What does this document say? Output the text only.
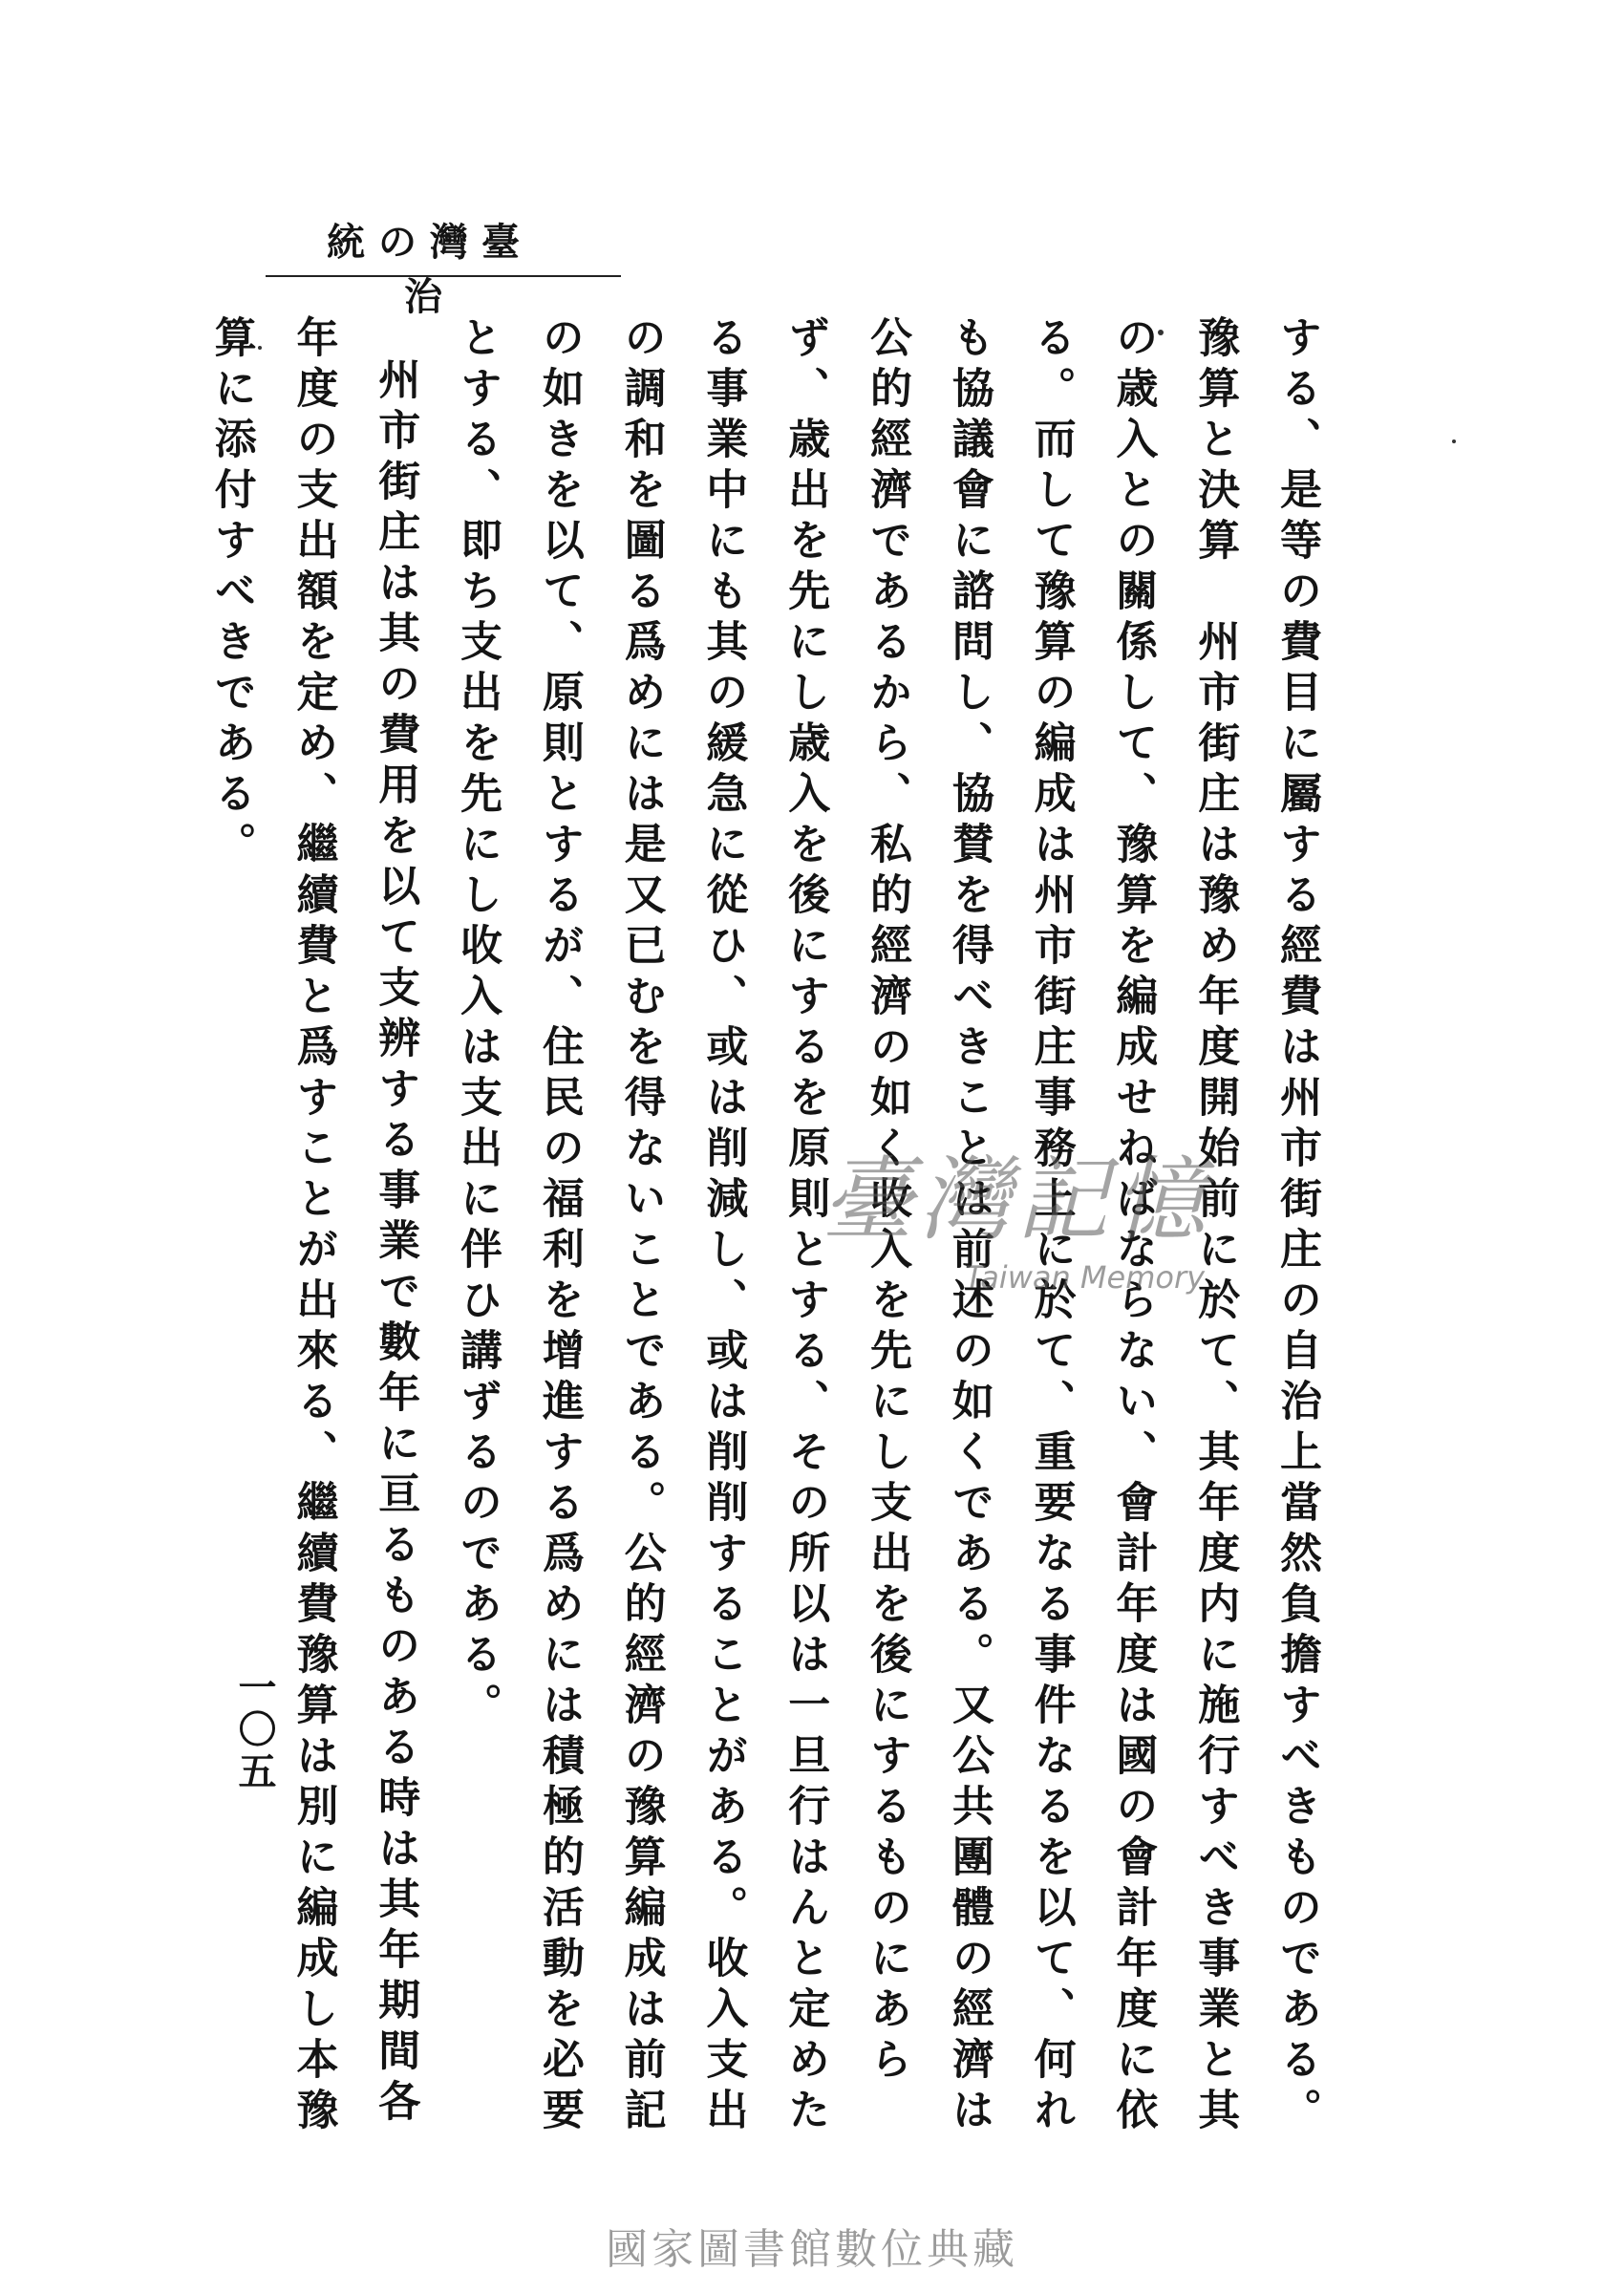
臺灣の統治

する、是等の費目に屬する經費は州市街庄の自治上當然負擔すべきものである。

豫算と決算　州市街庄は豫め年度開始前に於て、其年度内に施行すべき事業と其の歳入との關係して、豫算を編成せねばならない、會計年度は國の會計年度に依る。而して豫算の編成は州市街庄事務上に於て、重要なる事件なるを以て、何れも協議會に諮問し、協賛を得べきことは前述の如くである。又公共團體の經濟は公的經濟であるから、私的經濟の如く收入を先にし支出を後にするものにあらず、歳出を先にし歳入を後にするを原則とする、その所以は一旦行はんと定めたる事業中にも其の緩急に從ひ、或は削減し、或は削削することがある。收入支出の調和を圖る爲めには是又已むを得ないことである。公的經濟の豫算編成は前記の如きを以て、原則とするが、住民の福利を增進する爲めには積極的活動を必要とする、即ち支出を先にし收入は支出に伴ひ講ずるのである。

州市街庄は其の費用を以て支辨する事業で數年に亘るものある時は其年期間各年度の支出額を定め、繼續費と爲すことが出來る、繼續費豫算は別に編成し本豫算に添付すべきである。

一〇五
臺灣記憶
Taiwan Memory
國家圖書館數位典藏
